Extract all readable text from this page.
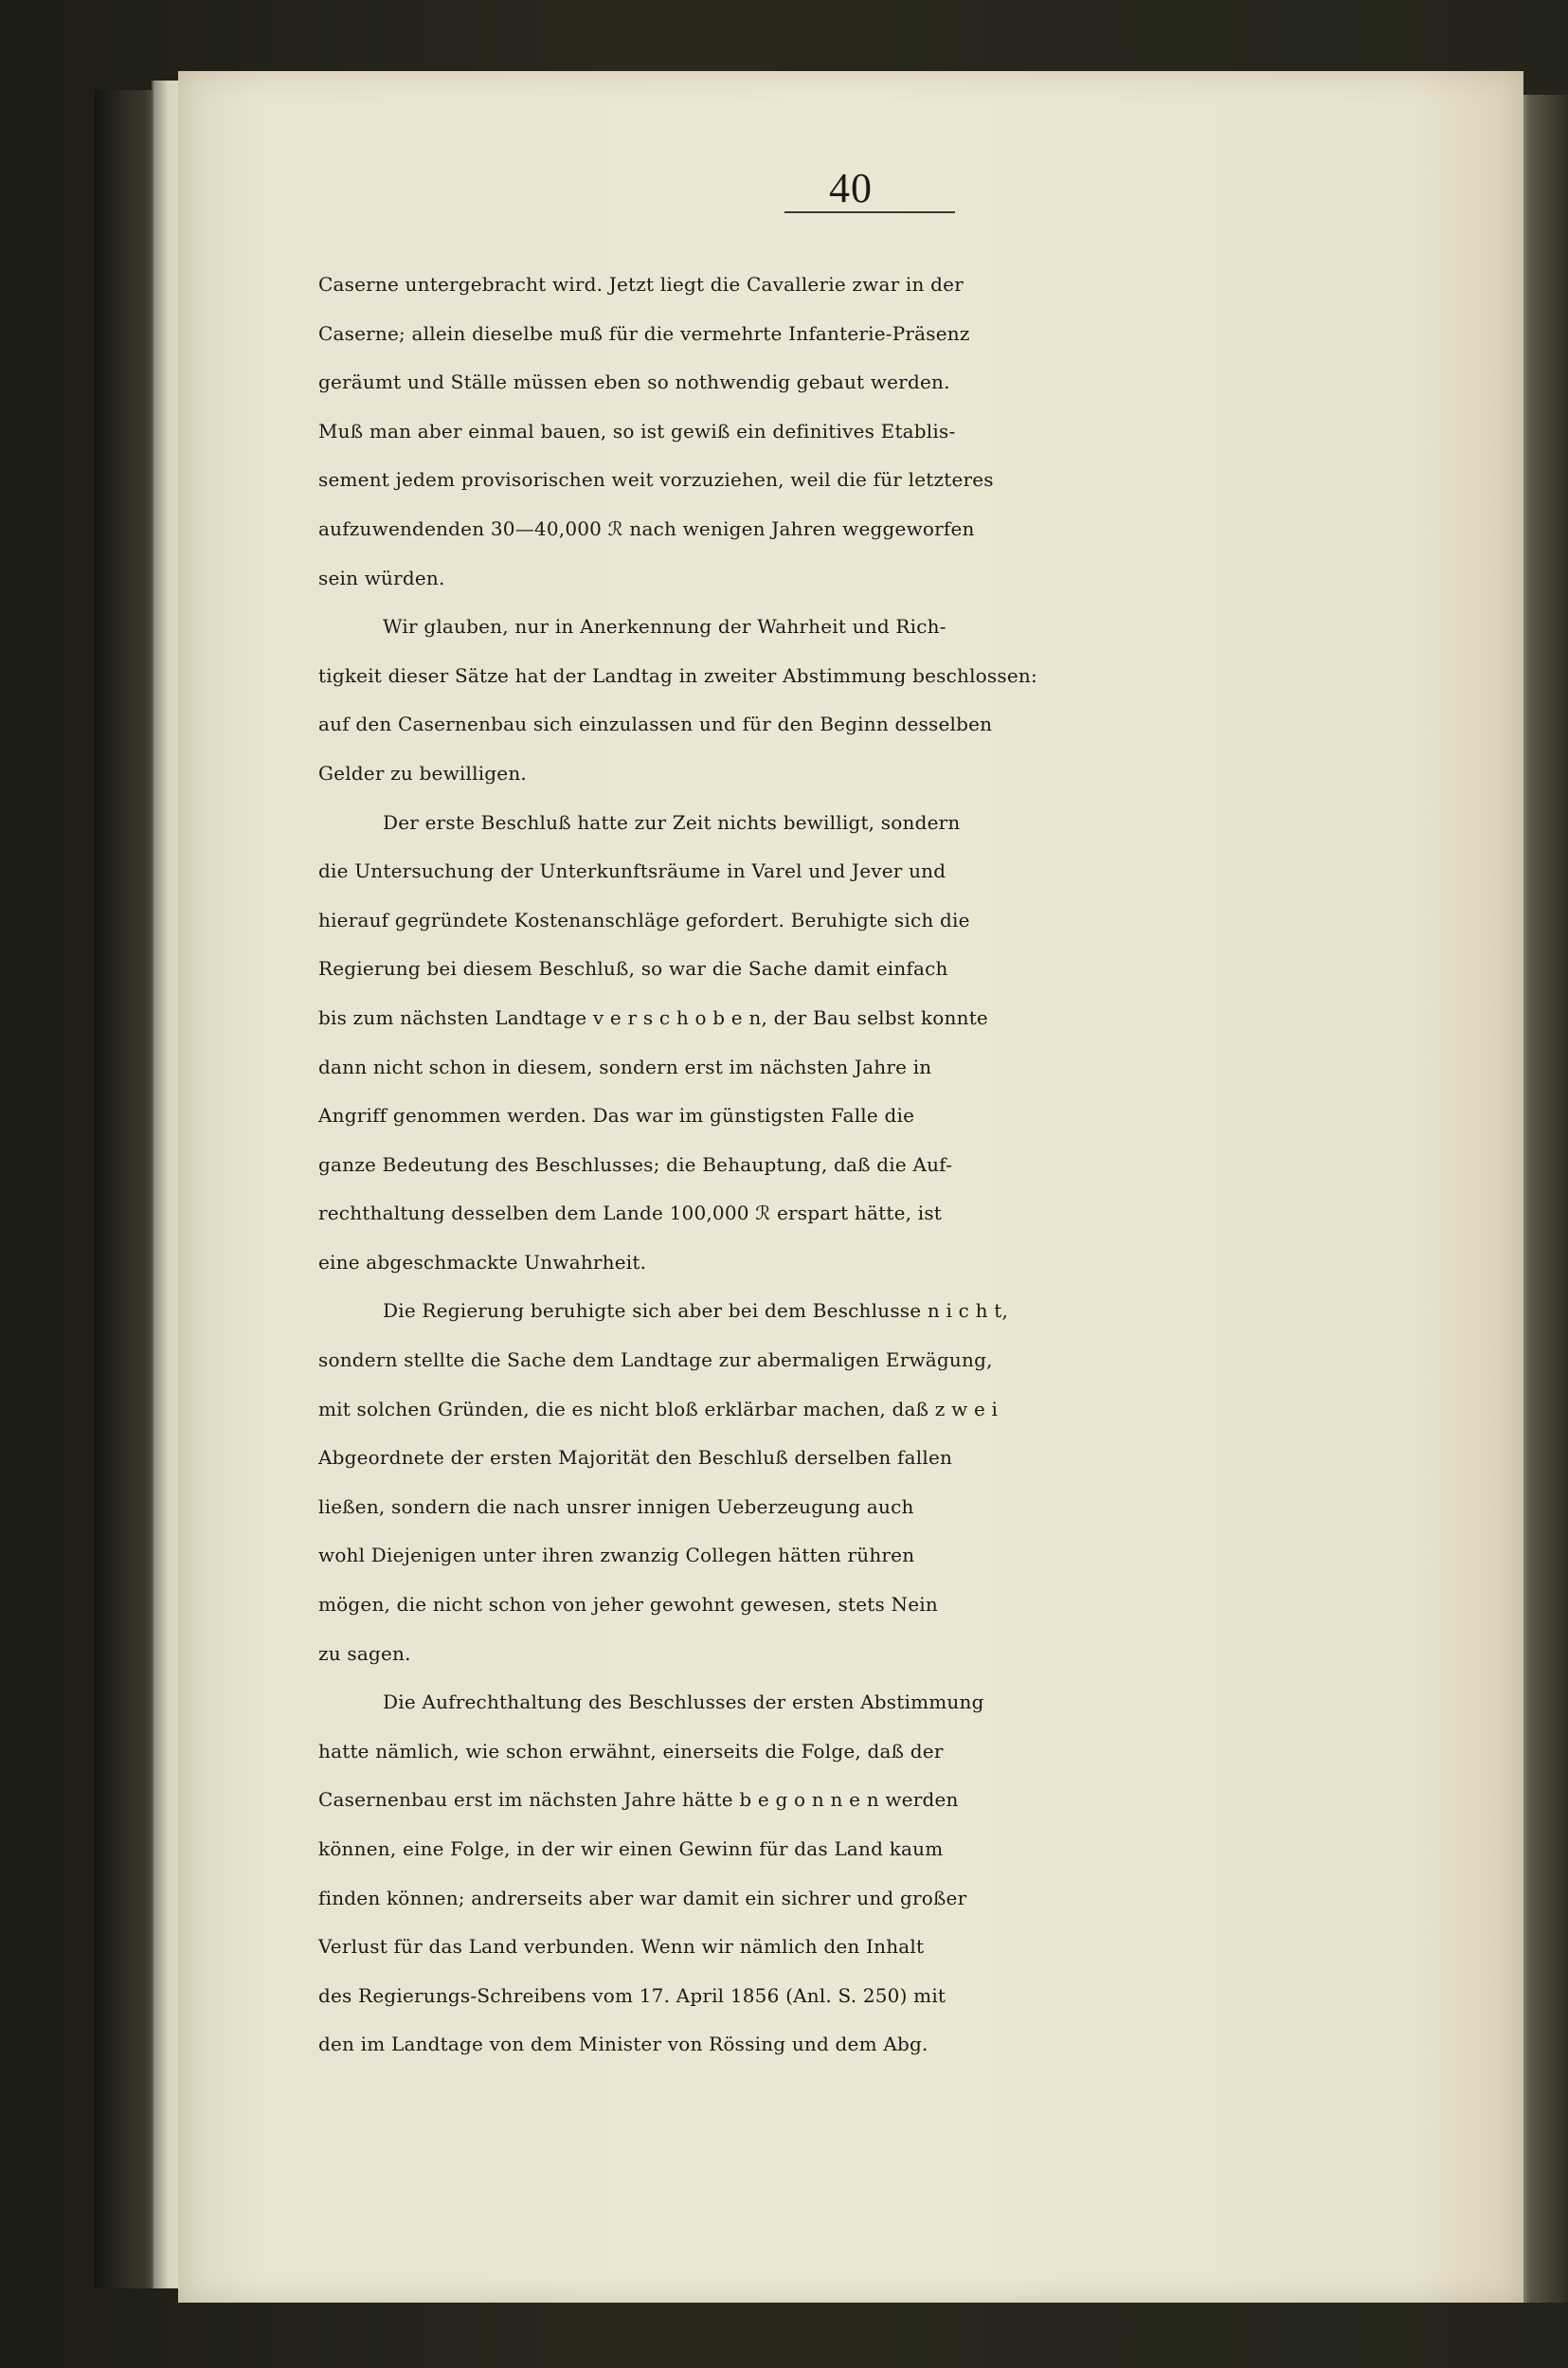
40
Caserne untergebracht wird. Jetzt liegt die Cavallerie zwar in der
Caserne; allein dieselbe muß für die vermehrte Infanterie-Präsenz
geräumt und Ställe müssen eben so nothwendig gebaut werden.
Muß man aber einmal bauen, so ist gewiß ein definitives Etablis-
sement jedem provisorischen weit vorzuziehen, weil die für letzteres
aufzuwendenden 30—40,000 ℛ nach wenigen Jahren weggeworfen
sein würden.
Wir glauben, nur in Anerkennung der Wahrheit und Rich-
tigkeit dieser Sätze hat der Landtag in zweiter Abstimmung beschlossen:
auf den Casernenbau sich einzulassen und für den Beginn desselben
Gelder zu bewilligen.
Der erste Beschluß hatte zur Zeit nichts bewilligt, sondern
die Untersuchung der Unterkunftsräume in Varel und Jever und
hierauf gegründete Kostenanschläge gefordert. Beruhigte sich die
Regierung bei diesem Beschluß, so war die Sache damit einfach
bis zum nächsten Landtage v e r s c h o b e n, der Bau selbst konnte
dann nicht schon in diesem, sondern erst im nächsten Jahre in
Angriff genommen werden. Das war im günstigsten Falle die
ganze Bedeutung des Beschlusses; die Behauptung, daß die Auf-
rechthaltung desselben dem Lande 100,000 ℛ erspart hätte, ist
eine abgeschmackte Unwahrheit.
Die Regierung beruhigte sich aber bei dem Beschlusse n i c h t,
sondern stellte die Sache dem Landtage zur abermaligen Erwägung,
mit solchen Gründen, die es nicht bloß erklärbar machen, daß z w e i
Abgeordnete der ersten Majorität den Beschluß derselben fallen
ließen, sondern die nach unsrer innigen Ueberzeugung auch
wohl Diejenigen unter ihren zwanzig Collegen hätten rühren
mögen, die nicht schon von jeher gewohnt gewesen, stets Nein
zu sagen.
Die Aufrechthaltung des Beschlusses der ersten Abstimmung
hatte nämlich, wie schon erwähnt, einerseits die Folge, daß der
Casernenbau erst im nächsten Jahre hätte b e g o n n e n werden
können, eine Folge, in der wir einen Gewinn für das Land kaum
finden können; andrerseits aber war damit ein sichrer und großer
Verlust für das Land verbunden. Wenn wir nämlich den Inhalt
des Regierungs-Schreibens vom 17. April 1856 (Anl. S. 250) mit
den im Landtage von dem Minister von Rössing und dem Abg.
